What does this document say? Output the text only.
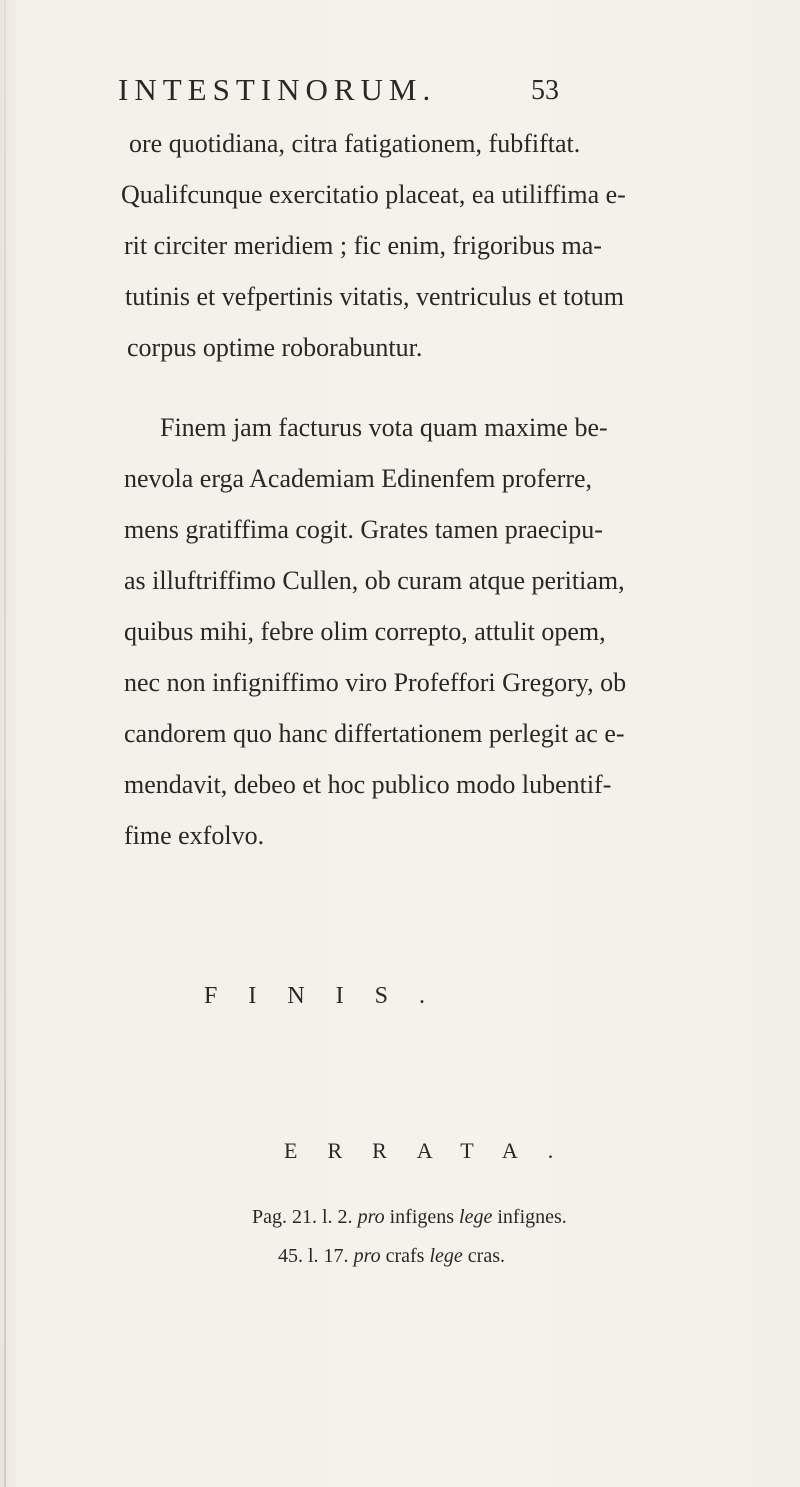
INTESTINORUM.	53
ore quotidiana, citra fatigationem, fubfiftat.
Qualifcunque exercitatio placeat, ea utiliffima e-
rit circiter meridiem ; fic enim, frigoribus ma-
tutinis et vefpertinis vitatis, ventriculus et totum
corpus optime roborabuntur.
Finem jam facturus vota quam maxime be-
nevola erga Academiam Edinenfem proferre,
mens gratiffima cogit. Grates tamen praecipu-
as illuftriffimo Cullen, ob curam atque peritiam,
quibus mihi, febre olim correpto, attulit opem,
nec non infigniffimo viro Profeffori Gregory, ob
candorem quo hanc differtationem perlegit ac e-
mendavit, debeo et hoc publico modo lubentif-
fime exfolvo.
FINIS.
ERRATA.
Pag. 21. l. 2. pro infigens lege infignes.
45. l. 17. pro crafs lege cras.
